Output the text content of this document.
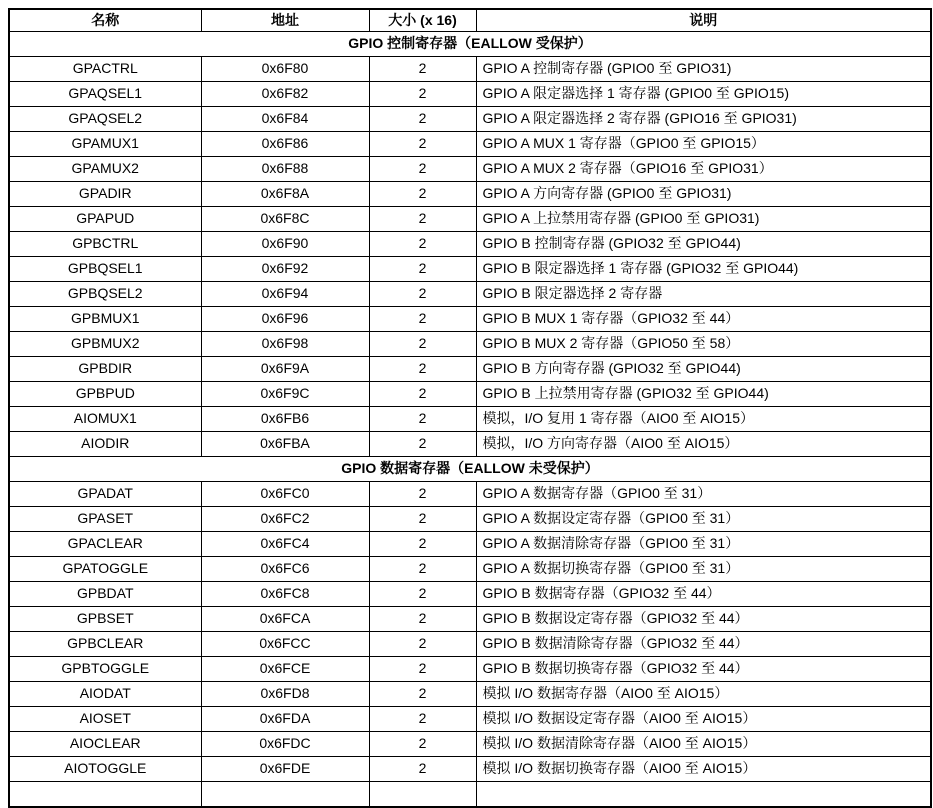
名称	地址	大小 (x 16)	说明
GPIO 控制寄存器（EALLOW 受保护）			
GPACTRL	0x6F80	2	GPIO A 控制寄存器 (GPIO0 至 GPIO31)
GPAQSEL1	0x6F82	2	GPIO A 限定器选择 1 寄存器 (GPIO0 至 GPIO15)
GPAQSEL2	0x6F84	2	GPIO A 限定器选择 2 寄存器 (GPIO16 至 GPIO31)
GPAMUX1	0x6F86	2	GPIO A MUX 1 寄存器（GPIO0 至 GPIO15）
GPAMUX2	0x6F88	2	GPIO A MUX 2 寄存器（GPIO16 至 GPIO31）
GPADIR	0x6F8A	2	GPIO A 方向寄存器 (GPIO0 至 GPIO31)
GPAPUD	0x6F8C	2	GPIO A 上拉禁用寄存器 (GPIO0 至 GPIO31)
GPBCTRL	0x6F90	2	GPIO B 控制寄存器 (GPIO32 至 GPIO44)
GPBQSEL1	0x6F92	2	GPIO B 限定器选择 1 寄存器 (GPIO32 至 GPIO44)
GPBQSEL2	0x6F94	2	GPIO B 限定器选择 2 寄存器
GPBMUX1	0x6F96	2	GPIO B MUX 1 寄存器（GPIO32 至 44）
GPBMUX2	0x6F98	2	GPIO B MUX 2 寄存器（GPIO50 至 58）
GPBDIR	0x6F9A	2	GPIO B 方向寄存器 (GPIO32 至 GPIO44)
GPBPUD	0x6F9C	2	GPIO B 上拉禁用寄存器 (GPIO32 至 GPIO44)
AIOMUX1	0x6FB6	2	模拟，I/O 复用 1 寄存器（AIO0 至 AIO15）
AIODIR	0x6FBA	2	模拟，I/O 方向寄存器（AIO0 至 AIO15）
GPIO 数据寄存器（EALLOW 未受保护）			
GPADAT	0x6FC0	2	GPIO A 数据寄存器（GPIO0 至 31）
GPASET	0x6FC2	2	GPIO A 数据设定寄存器（GPIO0 至 31）
GPACLEAR	0x6FC4	2	GPIO A 数据清除寄存器（GPIO0 至 31）
GPATOGGLE	0x6FC6	2	GPIO A 数据切换寄存器（GPIO0 至 31）
GPBDAT	0x6FC8	2	GPIO B 数据寄存器（GPIO32 至 44）
GPBSET	0x6FCA	2	GPIO B 数据设定寄存器（GPIO32 至 44）
GPBCLEAR	0x6FCC	2	GPIO B 数据清除寄存器（GPIO32 至 44）
GPBTOGGLE	0x6FCE	2	GPIO B 数据切换寄存器（GPIO32 至 44）
AIODAT	0x6FD8	2	模拟 I/O 数据寄存器（AIO0 至 AIO15）
AIOSET	0x6FDA	2	模拟 I/O 数据设定寄存器（AIO0 至 AIO15）
AIOCLEAR	0x6FDC	2	模拟 I/O 数据清除寄存器（AIO0 至 AIO15）
AIOTOGGLE	0x6FDE	2	模拟 I/O 数据切换寄存器（AIO0 至 AIO15）
